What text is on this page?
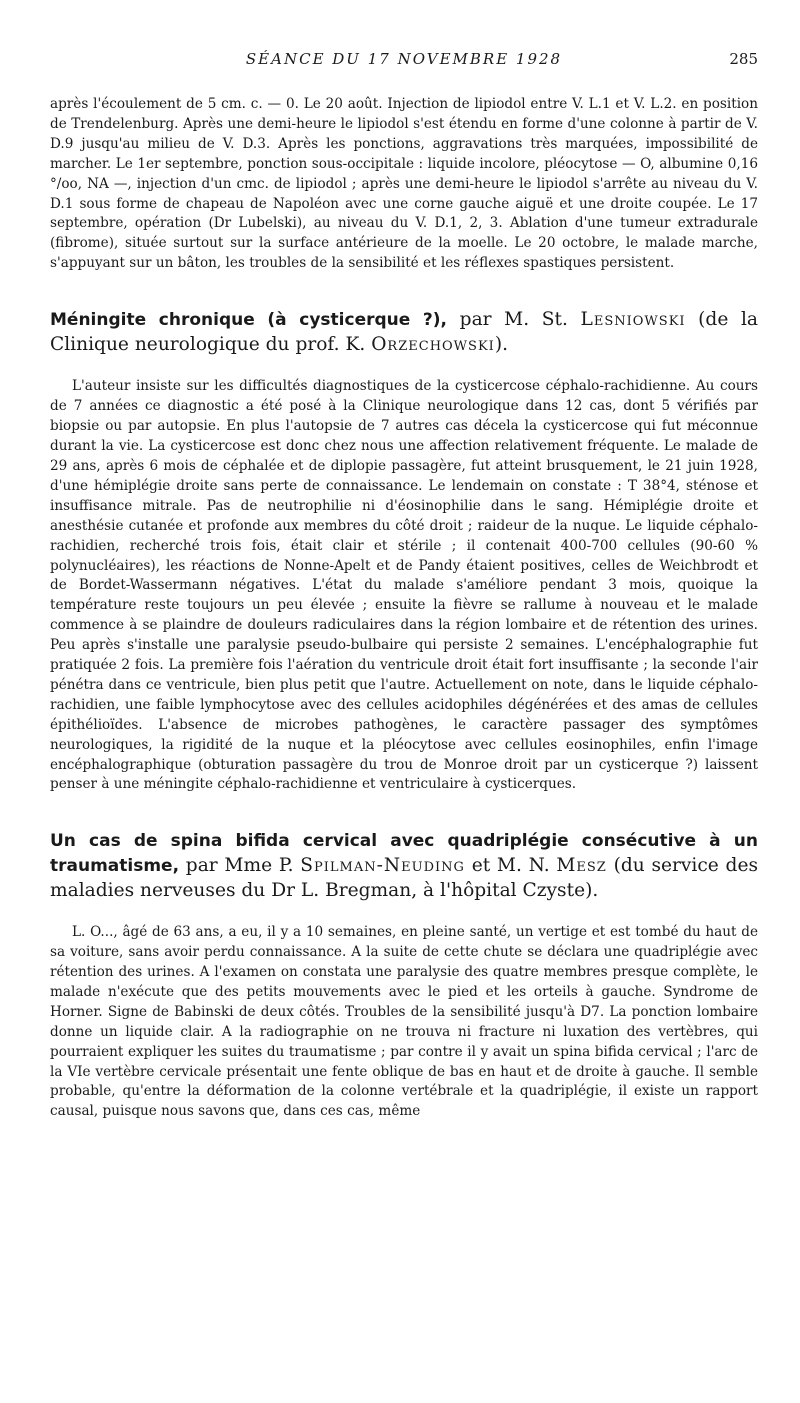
SÉANCE DU 17 NOVEMBRE 1928	285

après l'écoulement de 5 cm. c. — 0. Le 20 août. Injection de lipiodol entre V. L.1 et V. L.2. en position de Trendelenburg. Après une demi-heure le lipiodol s'est étendu en forme d'une colonne à partir de V. D.9 jusqu'au milieu de V. D.3. Après les ponctions, aggravations très marquées, impossibilité de marcher. Le 1er septembre, ponction sous-occipitale : liquide incolore, pléocytose — O, albumine 0,16 °/oo, NA —, injection d'un cmc. de lipiodol ; après une demi-heure le lipiodol s'arrête au niveau du V. D.1 sous forme de chapeau de Napoléon avec une corne gauche aiguë et une droite coupée. Le 17 septembre, opération (Dr Lubelski), au niveau du V. D.1, 2, 3. Ablation d'une tumeur extradurale (fibrome), située surtout sur la surface antérieure de la moelle. Le 20 octobre, le malade marche, s'appuyant sur un bâton, les troubles de la sensibilité et les réflexes spastiques persistent.

Méningite chronique (à cysticerque ?), par M. St. Lesniowski (de la Clinique neurologique du prof. K. Orzechowski).

L'auteur insiste sur les difficultés diagnostiques de la cysticercose céphalo-rachidienne. Au cours de 7 années ce diagnostic a été posé à la Clinique neurologique dans 12 cas, dont 5 vérifiés par biopsie ou par autopsie. En plus l'autopsie de 7 autres cas décela la cysticercose qui fut méconnue durant la vie. La cysticercose est donc chez nous une affection relativement fréquente. Le malade de 29 ans, après 6 mois de céphalée et de diplopie passagère, fut atteint brusquement, le 21 juin 1928, d'une hémiplégie droite sans perte de connaissance. Le lendemain on constate : T 38°4, sténose et insuffisance mitrale. Pas de neutrophilie ni d'éosinophilie dans le sang. Hémiplégie droite et anesthésie cutanée et profonde aux membres du côté droit ; raideur de la nuque. Le liquide céphalo-rachidien, recherché trois fois, était clair et stérile ; il contenait 400-700 cellules (90-60 % polynucléaires), les réactions de Nonne-Apelt et de Pandy étaient positives, celles de Weichbrodt et de Bordet-Wassermann négatives. L'état du malade s'améliore pendant 3 mois, quoique la température reste toujours un peu élevée ; ensuite la fièvre se rallume à nouveau et le malade commence à se plaindre de douleurs radiculaires dans la région lombaire et de rétention des urines. Peu après s'installe une paralysie pseudo-bulbaire qui persiste 2 semaines. L'encéphalographie fut pratiquée 2 fois. La première fois l'aération du ventricule droit était fort insuffisante ; la seconde l'air pénétra dans ce ventricule, bien plus petit que l'autre. Actuellement on note, dans le liquide céphalo-rachidien, une faible lymphocytose avec des cellules acidophiles dégénérées et des amas de cellules épithélioïdes. L'absence de microbes pathogènes, le caractère passager des symptômes neurologiques, la rigidité de la nuque et la pléocytose avec cellules eosinophiles, enfin l'image encéphalographique (obturation passagère du trou de Monroe droit par un cysticerque ?) laissent penser à une méningite céphalo-rachidienne et ventriculaire à cysticerques.

Un cas de spina bifida cervical avec quadriplégie consécutive à un traumatisme, par Mme P. Spilman-Neuding et M. N. Mesz (du service des maladies nerveuses du Dr L. Bregman, à l'hôpital Czyste).

L. O..., âgé de 63 ans, a eu, il y a 10 semaines, en pleine santé, un vertige et est tombé du haut de sa voiture, sans avoir perdu connaissance. A la suite de cette chute se déclara une quadriplégie avec rétention des urines. A l'examen on constata une paralysie des quatre membres presque complète, le malade n'exécute que des petits mouvements avec le pied et les orteils à gauche. Syndrome de Horner. Signe de Babinski de deux côtés. Troubles de la sensibilité jusqu'à D7. La ponction lombaire donne un liquide clair. A la radiographie on ne trouva ni fracture ni luxation des vertèbres, qui pourraient expliquer les suites du traumatisme ; par contre il y avait un spina bifida cervical ; l'arc de la VIe vertèbre cervicale présentait une fente oblique de bas en haut et de droite à gauche. Il semble probable, qu'entre la déformation de la colonne vertébrale et la quadriplégie, il existe un rapport causal, puisque nous savons que, dans ces cas, même
